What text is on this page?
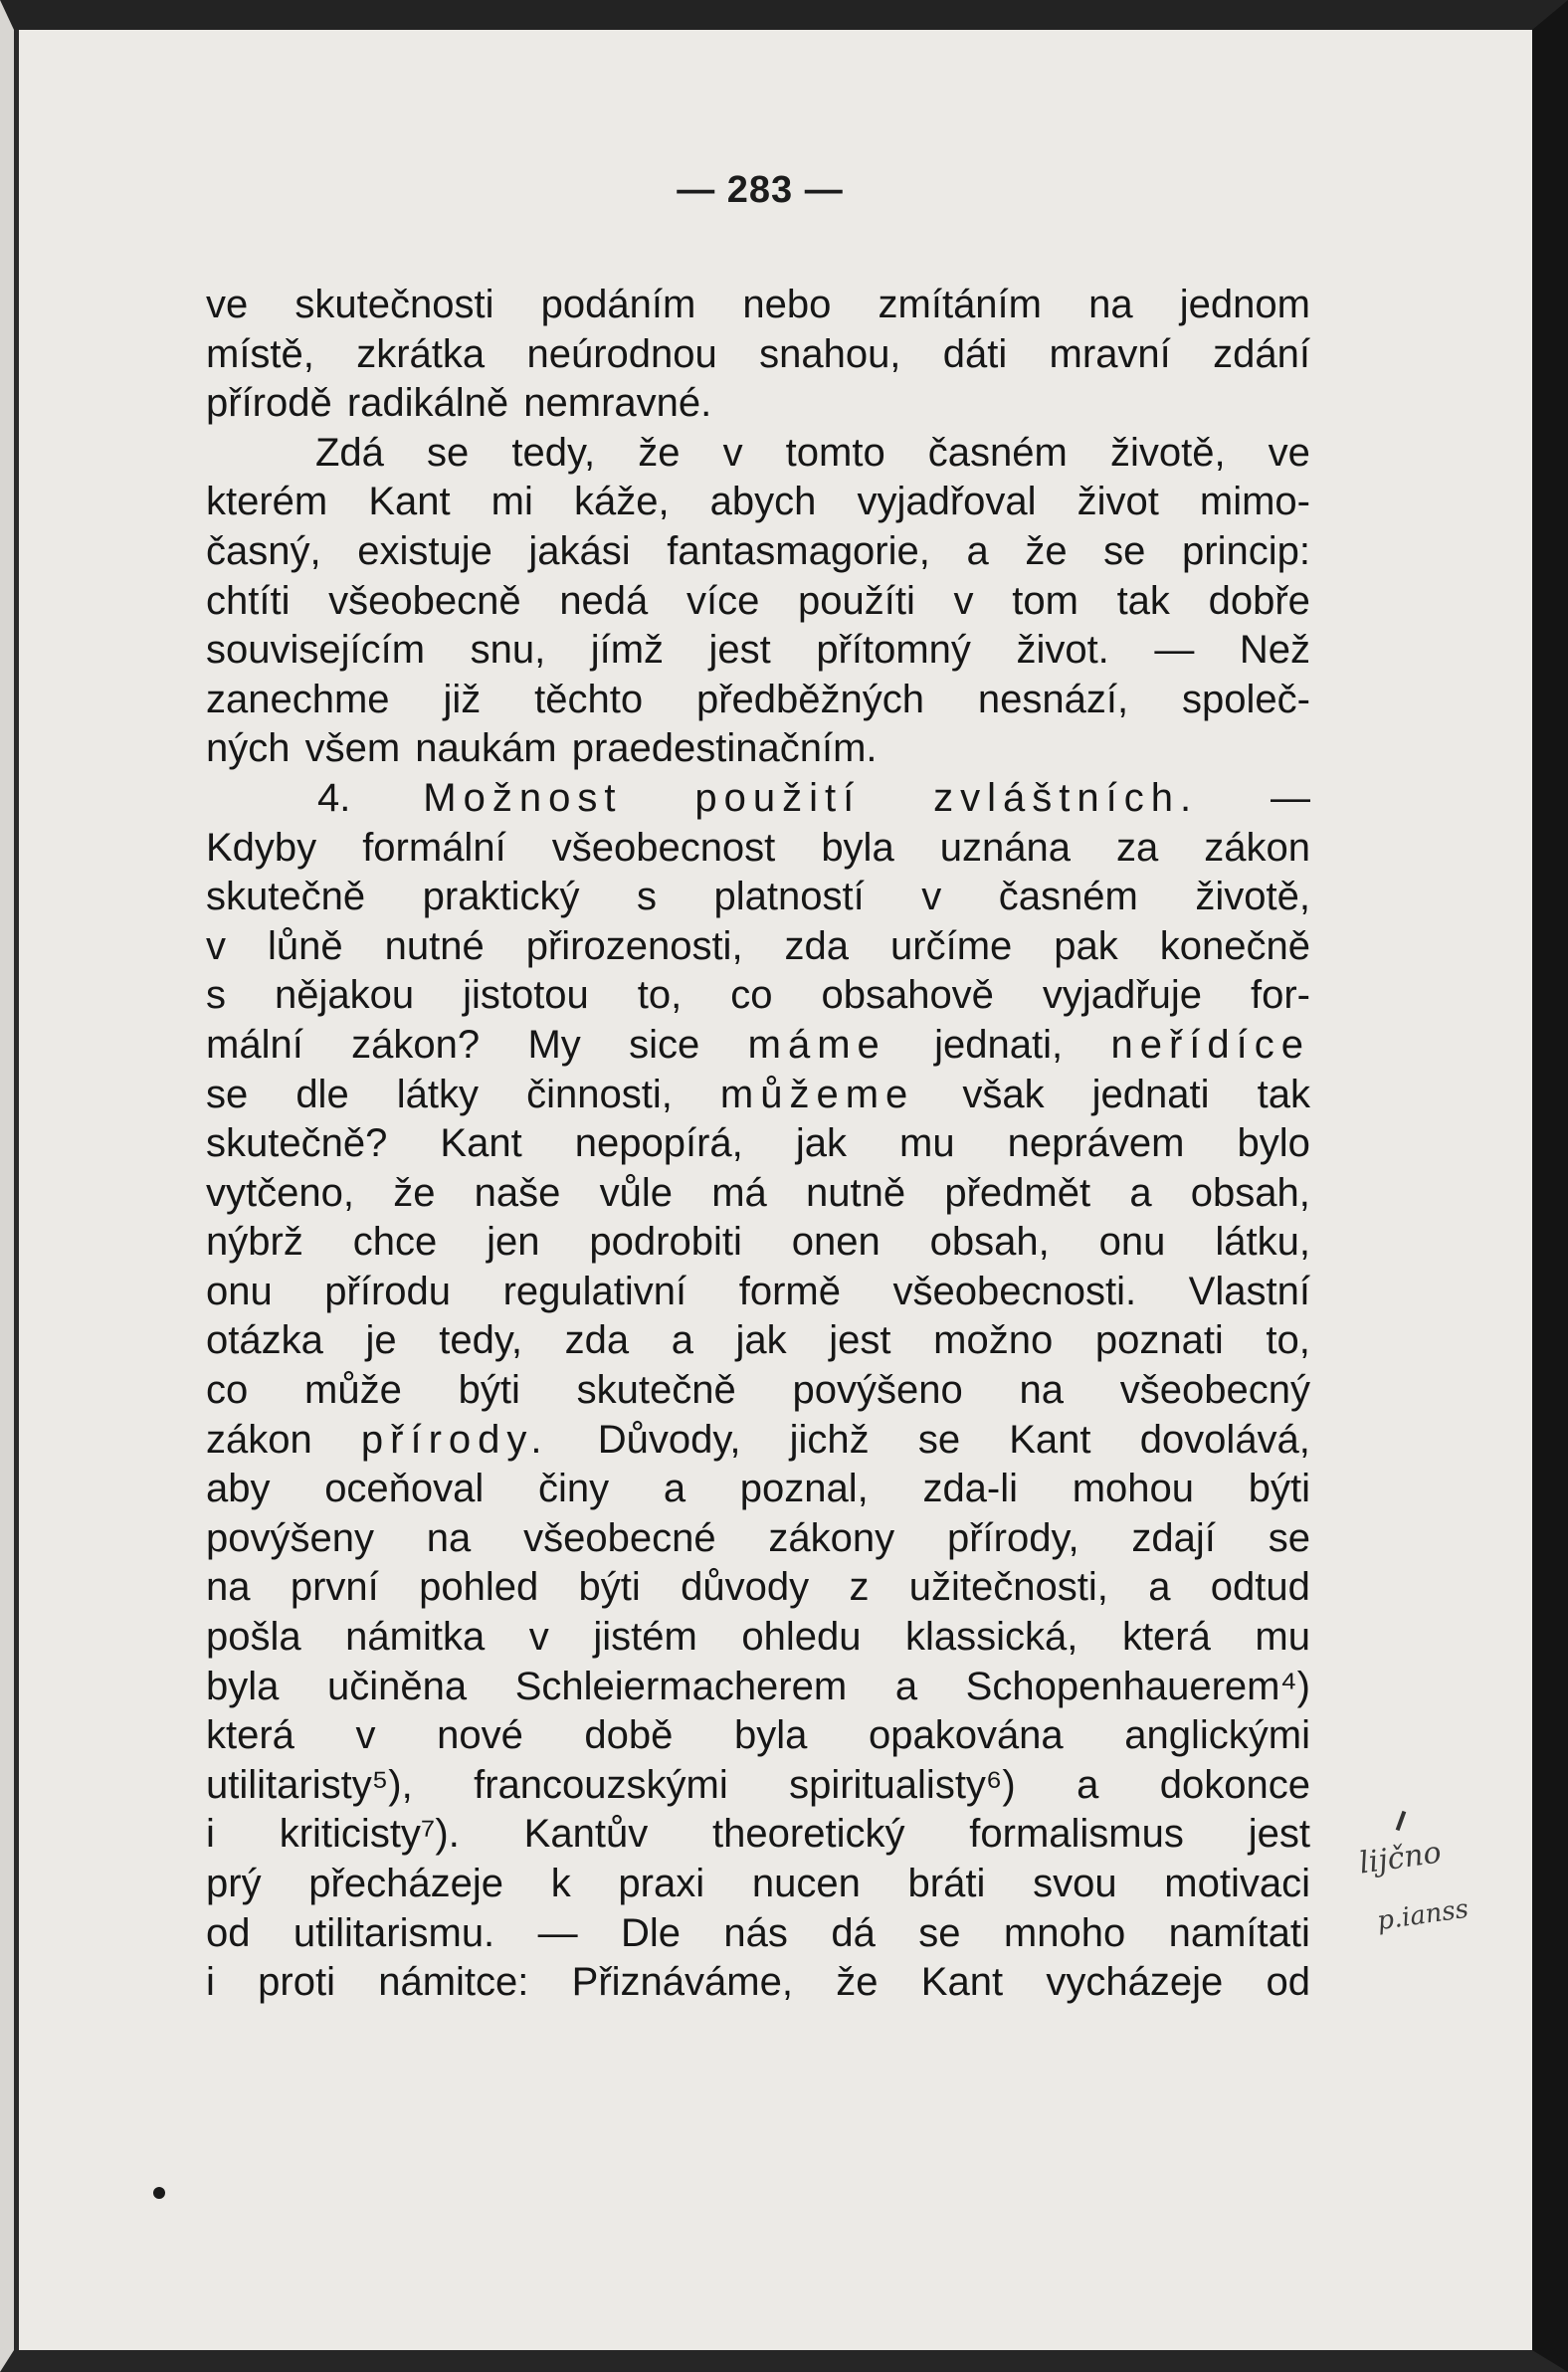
— 283 —
ve skutečnosti podáním nebo zmítáním na jednom
místě, zkrátka neúrodnou snahou, dáti mravní zdání
přírodě radikálně nemravné.
Zdá se tedy, že v tomto časném životě, ve
kterém Kant mi káže, abych vyjadřoval život mimo-
časný, existuje jakási fantasmagorie, a že se princip:
chtíti všeobecně nedá více použíti v tom tak dobře
souvisejícím snu, jímž jest přítomný život. — Než
zanechme již těchto předběžných nesnází, společ-
ných všem naukám praedestinačním.
4. Možnost použití zvláštních. —
Kdyby formální všeobecnost byla uznána za zákon
skutečně praktický s platností v časném životě,
v lůně nutné přirozenosti, zda určíme pak konečně
s nějakou jistotou to, co obsahově vyjadřuje for-
mální zákon? My sice máme jednati, neřídíce
se dle látky činnosti, můžeme však jednati tak
skutečně? Kant nepopírá, jak mu neprávem bylo
vytčeno, že naše vůle má nutně předmět a obsah,
nýbrž chce jen podrobiti onen obsah, onu látku,
onu přírodu regulativní formě všeobecnosti. Vlastní
otázka je tedy, zda a jak jest možno poznati to,
co může býti skutečně povýšeno na všeobecný
zákon přírody. Důvody, jichž se Kant dovolává,
aby oceňoval činy a poznal, zda-li mohou býti
povýšeny na všeobecné zákony přírody, zdají se
na první pohled býti důvody z užitečnosti, a odtud
pošla námitka v jistém ohledu klassická, která mu
byla učiněna Schleiermacherem a Schopenhauerem⁴)
která v nové době byla opakována anglickými
utilitaristy⁵), francouzskými spiritualisty⁶) a dokonce
i kriticisty⁷). Kantův theoretický formalismus jest
prý přecházeje k praxi nucen bráti svou motivaci
od utilitarismu. — Dle nás dá se mnoho namítati
i proti námitce: Přiznáváme, že Kant vycházeje od
lijčno
p.ianss
